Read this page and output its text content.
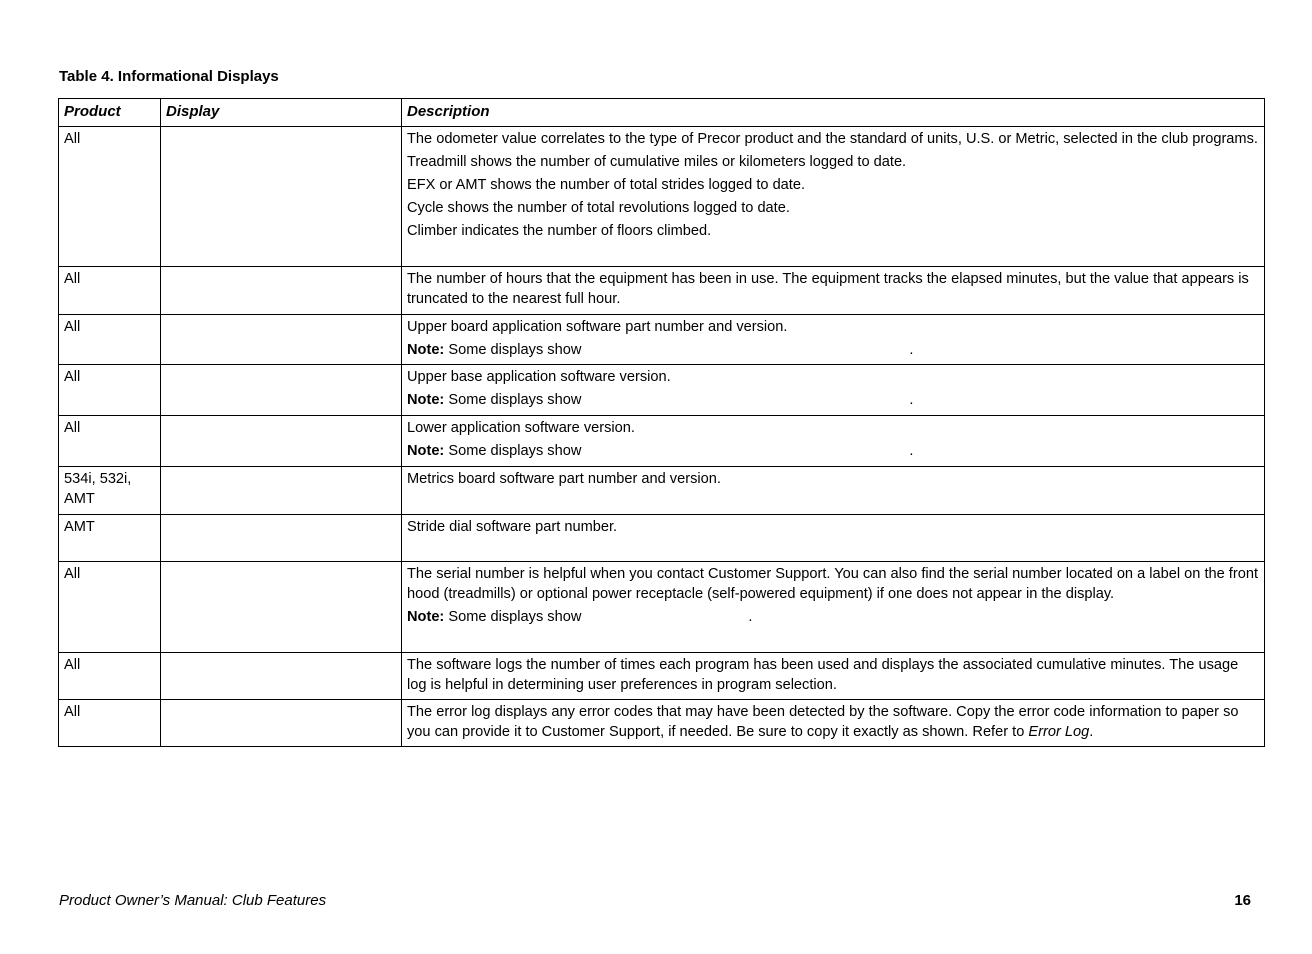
Table 4. Informational Displays
Product	Display	Description
All		The odometer value correlates to the type of Precor product and the standard of units, U.S. or Metric, selected in the club programs.

Treadmill shows the number of cumulative miles or kilometers logged to date.

EFX or AMT shows the number of total strides logged to date.

Cycle shows the number of total revolutions logged to date.

Climber indicates the number of floors climbed.

All		The number of hours that the equipment has been in use. The equipment tracks the elapsed minutes, but the value that appears is truncated to the nearest full hour.

All		Upper board application software part number and version.

Note: Some displays show .

All		Upper base application software version.

Note: Some displays show .

All		Lower application software version.

Note: Some displays show .

534i, 532i, AMT		Metrics board software part number and version.

AMT		Stride dial software part number.

All		The serial number is helpful when you contact Customer Support. You can also find the serial number located on a label on the front hood (treadmills) or optional power receptacle (self-powered equipment) if one does not appear in the display.

Note: Some displays show .

All		The software logs the number of times each program has been used and displays the associated cumulative minutes. The usage log is helpful in determining user preferences in program selection.

All		The error log displays any error codes that may have been detected by the software. Copy the error code information to paper so you can provide it to Customer Support, if needed. Be sure to copy it exactly as shown. Refer to Error Log.

Product Owner’s Manual: Club Features	16
